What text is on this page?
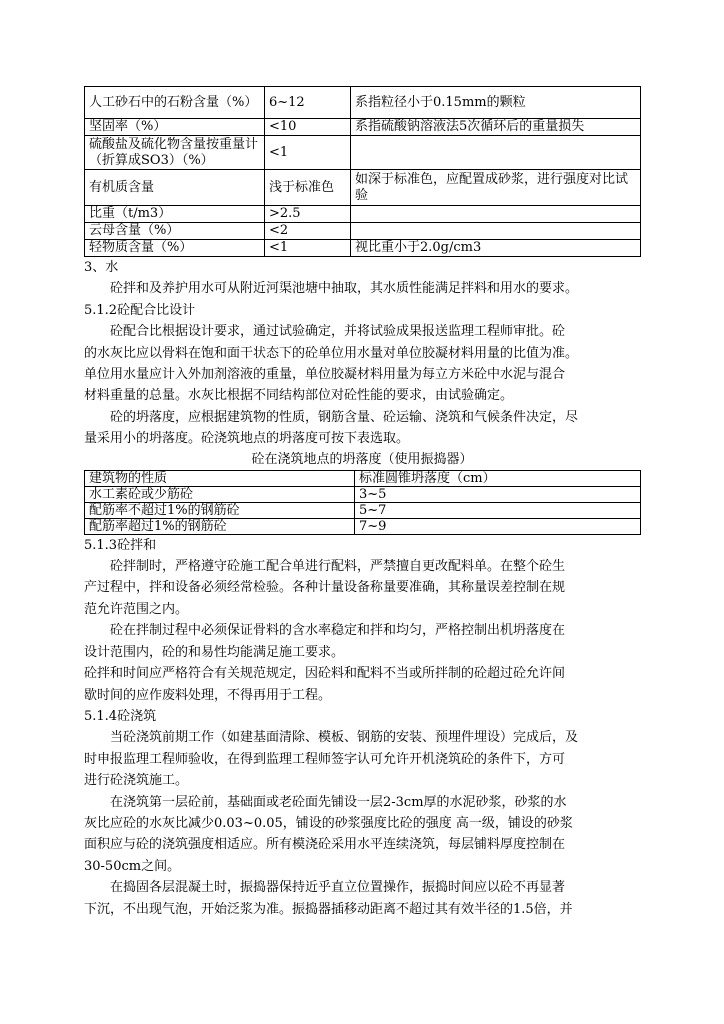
人工砂石中的石粉含量（%）	6~12	系指粒径小于0.15mm的颗粒
坚固率（%）	<10	系指硫酸钠溶液法5次循环后的重量损失
硫酸盐及硫化物含量按重量计（折算成SO3）（%）	<1	
有机质含量	浅于标准色	如深于标准色，应配置成砂浆，进行强度对比试验
比重（t/m3）	>2.5	
云母含量（%）	<2	
轻物质含量（%）	<1	视比重小于2.0g/cm3

3、水

砼拌和及养护用水可从附近河渠池塘中抽取，其水质性能满足拌料和用水的要求。

5.1.2砼配合比设计

砼配合比根据设计要求，通过试验确定，并将试验成果报送监理工程师审批。砼

的水灰比应以骨料在饱和面干状态下的砼单位用水量对单位胶凝材料用量的比值为准。

单位用水量应计入外加剂溶液的重量，单位胶凝材料用量为每立方米砼中水泥与混合

材料重量的总量。水灰比根据不同结构部位对砼性能的要求，由试验确定。

砼的坍落度，应根据建筑物的性质，钢筋含量、砼运输、浇筑和气候条件决定，尽

量采用小的坍落度。砼浇筑地点的坍落度可按下表选取。

砼在浇筑地点的坍落度（使用振捣器）

建筑物的性质	标准圆锥坍落度（cm）
水工素砼或少筋砼	3~5
配筋率不超过1%的钢筋砼	5~7
配筋率超过1%的钢筋砼	7~9

5.1.3砼拌和

砼拌制时，严格遵守砼施工配合单进行配料，严禁擅自更改配料单。在整个砼生

产过程中，拌和设备必须经常检验。各种计量设备称量要准确，其称量误差控制在规

范允许范围之内。

砼在拌制过程中必须保证骨料的含水率稳定和拌和均匀，严格控制出机坍落度在

设计范围内，砼的和易性均能满足施工要求。

砼拌和时间应严格符合有关规范规定，因砼料和配料不当或所拌制的砼超过砼允许间

歇时间的应作废料处理，不得再用于工程。

5.1.4砼浇筑

当砼浇筑前期工作（如建基面清除、模板、钢筋的安装、预埋件埋设）完成后，及

时申报监理工程师验收，在得到监理工程师签字认可允许开机浇筑砼的条件下，方可

进行砼浇筑施工。

在浇筑第一层砼前，基础面或老砼面先铺设一层2-3cm厚的水泥砂浆，砂浆的水

灰比应砼的水灰比减少0.03~0.05，铺设的砂浆强度比砼的强度 高一级，铺设的砂浆

面积应与砼的浇筑强度相适应。所有模浇砼采用水平连续浇筑，每层铺料厚度控制在

30-50cm之间。

在捣固各层混凝土时，振捣器保持近乎直立位置操作，振捣时间应以砼不再显著

下沉，不出现气泡，开始泛浆为准。振捣器插移动距离不超过其有效半径的1.5倍，并
